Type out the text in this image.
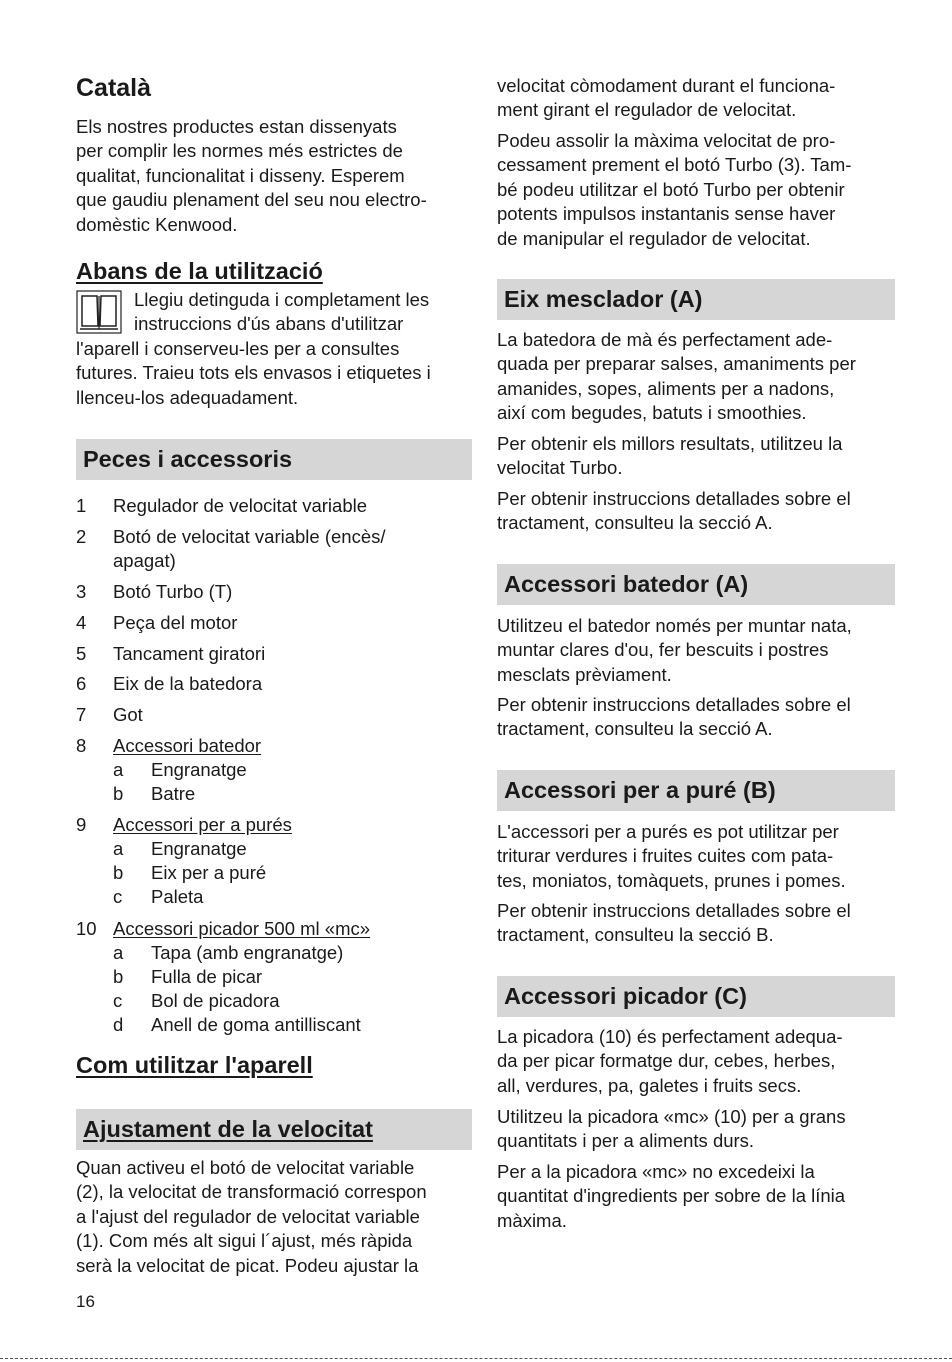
Català
Els nostres productes estan dissenyats
per complir les normes més estrictes de
qualitat, funcionalitat i disseny. Esperem
que gaudiu plenament del seu nou electro-
domèstic Kenwood.
Abans de la utilització
Llegiu detinguda i completament les
instruccions d'ús abans d'utilitzar
l'aparell i conserveu-les per a consultes
futures. Traieu tots els envasos i etiquetes i
llenceu-los adequadament.
Peces i accessoris
1 Regulador de velocitat variable
2 Botó de velocitat variable (encès/
apagat)
3 Botó Turbo (T)
4 Peça del motor
5 Tancament giratori
6 Eix de la batedora
7 Got
8 Accessori batedor
a Engranatge
b Batre
9 Accessori per a purés
a Engranatge
b Eix per a puré
c Paleta
10 Accessori picador 500 ml «mc»
a Tapa (amb engranatge)
b Fulla de picar
c Bol de picadora
d Anell de goma antilliscant
Com utilitzar l'aparell
Ajustament de la velocitat
Quan activeu el botó de velocitat variable
(2), la velocitat de transformació correspon
a l'ajust del regulador de velocitat variable
(1). Com més alt sigui l´ajust, més ràpida
serà la velocitat de picat. Podeu ajustar la
velocitat còmodament durant el funciona-
ment girant el regulador de velocitat.
Podeu assolir la màxima velocitat de pro-
cessament prement el botó Turbo (3). Tam-
bé podeu utilitzar el botó Turbo per obtenir
potents impulsos instantanis sense haver
de manipular el regulador de velocitat.
Eix mesclador (A)
La batedora de mà és perfectament ade-
quada per preparar salses, amaniments per
amanides, sopes, aliments per a nadons,
així com begudes, batuts i smoothies.
Per obtenir els millors resultats, utilitzeu la
velocitat Turbo.
Per obtenir instruccions detallades sobre el
tractament, consulteu la secció A.
Accessori batedor (A)
Utilitzeu el batedor només per muntar nata,
muntar clares d'ou, fer bescuits i postres
mesclats prèviament.
Per obtenir instruccions detallades sobre el
tractament, consulteu la secció A.
Accessori per a puré (B)
L'accessori per a purés es pot utilitzar per
triturar verdures i fruites cuites com pata-
tes, moniatos, tomàquets, prunes i pomes.
Per obtenir instruccions detallades sobre el
tractament, consulteu la secció B.
Accessori picador (C)
La picadora (10) és perfectament adequa-
da per picar formatge dur, cebes, herbes,
all, verdures, pa, galetes i fruits secs.
Utilitzeu la picadora «mc» (10) per a grans
quantitats i per a aliments durs.
Per a la picadora «mc» no excedeixi la
quantitat d'ingredients per sobre de la línia
màxima.
16
